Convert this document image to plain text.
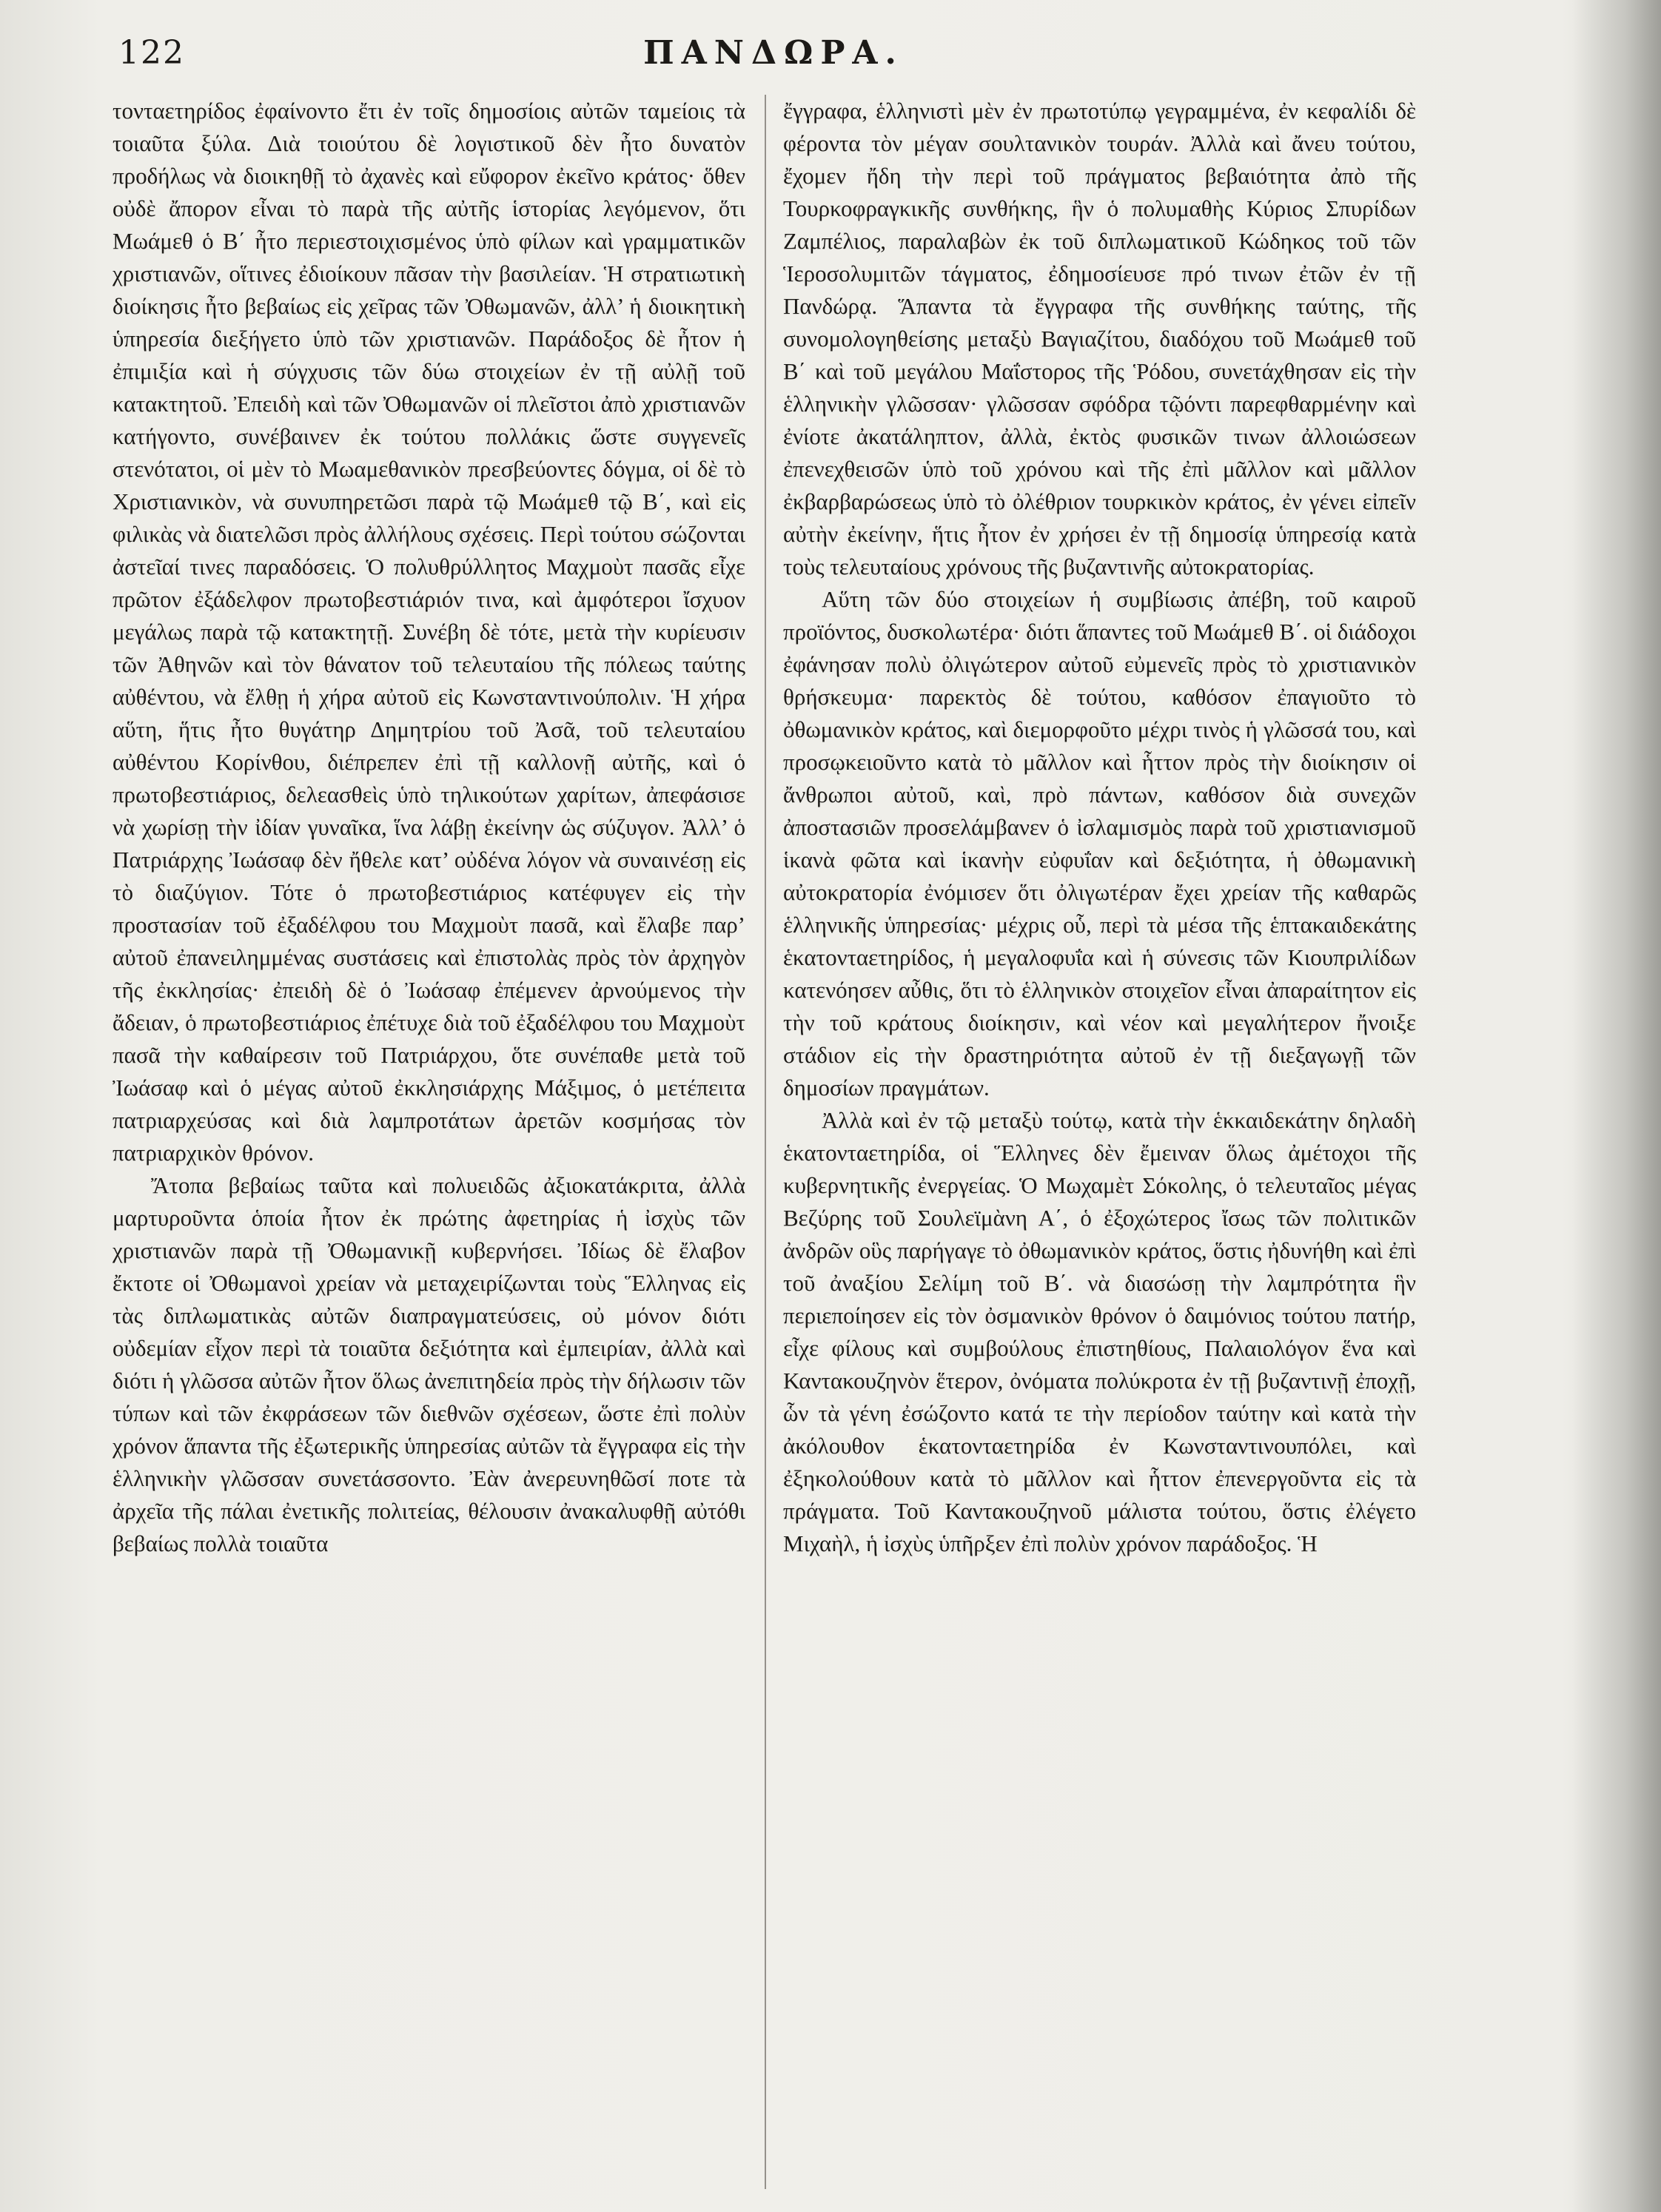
122	ΠΑΝΔΩΡΑ.

τονταετηρίδος ἐφαίνοντο ἔτι ἐν τοῖς δημοσίοις αὐτῶν ταμείοις τὰ τοιαῦτα ξύλα. Διὰ τοιούτου δὲ λογιστικοῦ δὲν ἦτο δυνατὸν προδήλως νὰ διοικηθῇ τὸ ἀχανὲς καὶ εὔφορον ἐκεῖνο κράτος· ὅθεν οὐδὲ ἄπορον εἶναι τὸ παρὰ τῆς αὐτῆς ἱστορίας λεγόμενον, ὅτι Μωάμεθ ὁ Β΄ ἦτο περιεστοιχισμένος ὑπὸ φίλων καὶ γραμματικῶν χριστιανῶν, οἵτινες ἐδιοίκουν πᾶσαν τὴν βασιλείαν. Ἡ στρατιωτικὴ διοίκησις ἦτο βεβαίως εἰς χεῖρας τῶν Ὀθωμανῶν, ἀλλ’ ἡ διοικητικὴ ὑπηρεσία διεξήγετο ὑπὸ τῶν χριστιανῶν. Παράδοξος δὲ ἦτον ἡ ἐπιμιξία καὶ ἡ σύγχυσις τῶν δύω στοιχείων ἐν τῇ αὐλῇ τοῦ κατακτητοῦ. Ἐπειδὴ καὶ τῶν Ὀθωμανῶν οἱ πλεῖστοι ἀπὸ χριστιανῶν κατήγοντο, συνέβαινεν ἐκ τούτου πολλάκις ὥστε συγγενεῖς στενότατοι, οἱ μὲν τὸ Μωαμεθανικὸν πρεσβεύοντες δόγμα, οἱ δὲ τὸ Χριστιανικὸν, νὰ συνυπηρετῶσι παρὰ τῷ Μωάμεθ τῷ Β΄, καὶ εἰς φιλικὰς νὰ διατελῶσι πρὸς ἀλλήλους σχέσεις. Περὶ τούτου σώζονται ἀστεῖαί τινες παραδόσεις. Ὁ πολυθρύλλητος Μαχμοὺτ πασᾶς εἶχε πρῶτον ἐξάδελφον πρωτοβεστιάριόν τινα, καὶ ἀμφότεροι ἴσχυον μεγάλως παρὰ τῷ κατακτητῇ. Συνέβη δὲ τότε, μετὰ τὴν κυρίευσιν τῶν Ἀθηνῶν καὶ τὸν θάνατον τοῦ τελευταίου τῆς πόλεως ταύτης αὐθέντου, νὰ ἔλθῃ ἡ χήρα αὐτοῦ εἰς Κωνσταντινούπολιν. Ἡ χήρα αὕτη, ἥτις ἦτο θυγάτηρ Δημητρίου τοῦ Ἀσᾶ, τοῦ τελευταίου αὐθέντου Κορίνθου, διέπρεπεν ἐπὶ τῇ καλλονῇ αὐτῆς, καὶ ὁ πρωτοβεστιάριος, δελεασθεὶς ὑπὸ τηλικούτων χαρίτων, ἀπεφάσισε νὰ χωρίσῃ τὴν ἰδίαν γυναῖκα, ἵνα λάβῃ ἐκείνην ὡς σύζυγον. Ἀλλ’ ὁ Πατριάρχης Ἰωάσαφ δὲν ἤθελε κατ’ οὐδένα λόγον νὰ συναινέσῃ εἰς τὸ διαζύγιον. Τότε ὁ πρωτοβεστιάριος κατέφυγεν εἰς τὴν προστασίαν τοῦ ἐξαδέλφου του Μαχμοὺτ πασᾶ, καὶ ἔλαβε παρ’ αὐτοῦ ἐπανειλημμένας συστάσεις καὶ ἐπιστολὰς πρὸς τὸν ἀρχηγὸν τῆς ἐκκλησίας· ἐπειδὴ δὲ ὁ Ἰωάσαφ ἐπέμενεν ἀρνούμενος τὴν ἄδειαν, ὁ πρωτοβεστιάριος ἐπέτυχε διὰ τοῦ ἐξαδέλφου του Μαχμοὺτ πασᾶ τὴν καθαίρεσιν τοῦ Πατριάρχου, ὅτε συνέπαθε μετὰ τοῦ Ἰωάσαφ καὶ ὁ μέγας αὐτοῦ ἐκκλησιάρχης Μάξιμος, ὁ μετέπειτα πατριαρχεύσας καὶ διὰ λαμπροτάτων ἀρετῶν κοσμήσας τὸν πατριαρχικὸν θρόνον.

Ἄτοπα βεβαίως ταῦτα καὶ πολυειδῶς ἀξιοκατάκριτα, ἀλλὰ μαρτυροῦντα ὁποία ἦτον ἐκ πρώτης ἀφετηρίας ἡ ἰσχὺς τῶν χριστιανῶν παρὰ τῇ Ὀθωμανικῇ κυβερνήσει. Ἰδίως δὲ ἔλαβον ἔκτοτε οἱ Ὀθωμανοὶ χρείαν νὰ μεταχειρίζωνται τοὺς Ἕλληνας εἰς τὰς διπλωματικὰς αὐτῶν διαπραγματεύσεις, οὐ μόνον διότι οὐδεμίαν εἶχον περὶ τὰ τοιαῦτα δεξιότητα καὶ ἐμπειρίαν, ἀλλὰ καὶ διότι ἡ γλῶσσα αὐτῶν ἦτον ὅλως ἀνεπιτηδεία πρὸς τὴν δήλωσιν τῶν τύπων καὶ τῶν ἐκφράσεων τῶν διεθνῶν σχέσεων, ὥστε ἐπὶ πολὺν χρόνον ἅπαντα τῆς ἐξωτερικῆς ὑπηρεσίας αὐτῶν τὰ ἔγγραφα εἰς τὴν ἑλληνικὴν γλῶσσαν συνετάσσοντο. Ἐὰν ἀνερευνηθῶσί ποτε τὰ ἀρχεῖα τῆς πάλαι ἐνετικῆς πολιτείας, θέλουσιν ἀνακαλυφθῇ αὐτόθι βεβαίως πολλὰ τοιαῦτα

ἔγγραφα, ἑλληνιστὶ μὲν ἐν πρωτοτύπῳ γεγραμμένα, ἐν κεφαλίδι δὲ φέροντα τὸν μέγαν σουλτανικὸν τουράν. Ἀλλὰ καὶ ἄνευ τούτου, ἔχομεν ἤδη τὴν περὶ τοῦ πράγματος βεβαιότητα ἀπὸ τῆς Τουρκοφραγκικῆς συνθήκης, ἣν ὁ πολυμαθὴς Κύριος Σπυρίδων Ζαμπέλιος, παραλαβὼν ἐκ τοῦ διπλωματικοῦ Κώδηκος τοῦ τῶν Ἱεροσολυμιτῶν τάγματος, ἐδημοσίευσε πρό τινων ἐτῶν ἐν τῇ Πανδώρᾳ. Ἅπαντα τὰ ἔγγραφα τῆς συνθήκης ταύτης, τῆς συνομολογηθείσης μεταξὺ Βαγιαζίτου, διαδόχου τοῦ Μωάμεθ τοῦ Β΄ καὶ τοῦ μεγάλου Μαΐστορος τῆς Ῥόδου, συνετάχθησαν εἰς τὴν ἑλληνικὴν γλῶσσαν· γλῶσσαν σφόδρα τῷόντι παρεφθαρμένην καὶ ἐνίοτε ἀκατάληπτον, ἀλλὰ, ἐκτὸς φυσικῶν τινων ἀλλοιώσεων ἐπενεχθεισῶν ὑπὸ τοῦ χρόνου καὶ τῆς ἐπὶ μᾶλλον καὶ μᾶλλον ἐκβαρβαρώσεως ὑπὸ τὸ ὀλέθριον τουρκικὸν κράτος, ἐν γένει εἰπεῖν αὐτὴν ἐκείνην, ἥτις ἦτον ἐν χρήσει ἐν τῇ δημοσίᾳ ὑπηρεσίᾳ κατὰ τοὺς τελευταίους χρόνους τῆς βυζαντινῆς αὐτοκρατορίας.

Αὕτη τῶν δύο στοιχείων ἡ συμβίωσις ἀπέβη, τοῦ καιροῦ προϊόντος, δυσκολωτέρα· διότι ἅπαντες τοῦ Μωάμεθ Β΄. οἱ διάδοχοι ἐφάνησαν πολὺ ὀλιγώτερον αὐτοῦ εὐμενεῖς πρὸς τὸ χριστιανικὸν θρήσκευμα· παρεκτὸς δὲ τούτου, καθόσον ἐπαγιοῦτο τὸ ὀθωμανικὸν κράτος, καὶ διεμορφοῦτο μέχρι τινὸς ἡ γλῶσσά του, καὶ προσῳκειοῦντο κατὰ τὸ μᾶλλον καὶ ἧττον πρὸς τὴν διοίκησιν οἱ ἄνθρωποι αὐτοῦ, καὶ, πρὸ πάντων, καθόσον διὰ συνεχῶν ἀποστασιῶν προσελάμβανεν ὁ ἰσλαμισμὸς παρὰ τοῦ χριστιανισμοῦ ἱκανὰ φῶτα καὶ ἱκανὴν εὐφυΐαν καὶ δεξιότητα, ἡ ὀθωμανικὴ αὐτοκρατορία ἐνόμισεν ὅτι ὀλιγωτέραν ἔχει χρείαν τῆς καθαρῶς ἑλληνικῆς ὑπηρεσίας· μέχρις οὗ, περὶ τὰ μέσα τῆς ἑπτακαιδεκάτης ἑκατονταετηρίδος, ἡ μεγαλοφυΐα καὶ ἡ σύνεσις τῶν Κιουπριλίδων κατενόησεν αὖθις, ὅτι τὸ ἑλληνικὸν στοιχεῖον εἶναι ἀπαραίτητον εἰς τὴν τοῦ κράτους διοίκησιν, καὶ νέον καὶ μεγαλήτερον ἤνοιξε στάδιον εἰς τὴν δραστηριότητα αὐτοῦ ἐν τῇ διεξαγωγῇ τῶν δημοσίων πραγμάτων.

Ἀλλὰ καὶ ἐν τῷ μεταξὺ τούτῳ, κατὰ τὴν ἑκκαιδεκάτην δηλαδὴ ἑκατονταετηρίδα, οἱ Ἕλληνες δὲν ἔμειναν ὅλως ἀμέτοχοι τῆς κυβερνητικῆς ἐνεργείας. Ὁ Μωχαμὲτ Σόκολης, ὁ τελευταῖος μέγας Βεζύρης τοῦ Σουλεϊμὰνη Α΄, ὁ ἐξοχώτερος ἴσως τῶν πολιτικῶν ἀνδρῶν οὓς παρήγαγε τὸ ὀθωμανικὸν κράτος, ὅστις ἠδυνήθη καὶ ἐπὶ τοῦ ἀναξίου Σελίμη τοῦ Β΄. νὰ διασώσῃ τὴν λαμπρότητα ἣν περιεποίησεν εἰς τὸν ὀσμανικὸν θρόνον ὁ δαιμόνιος τούτου πατήρ, εἶχε φίλους καὶ συμβούλους ἐπιστηθίους, Παλαιολόγον ἕνα καὶ Καντακουζηνὸν ἕτερον, ὀνόματα πολύκροτα ἐν τῇ βυζαντινῇ ἐποχῇ, ὧν τὰ γένη ἐσώζοντο κατά τε τὴν περίοδον ταύτην καὶ κατὰ τὴν ἀκόλουθον ἑκατονταετηρίδα ἐν Κωνσταντινουπόλει, καὶ ἐξηκολούθουν κατὰ τὸ μᾶλλον καὶ ἧττον ἐπενεργοῦντα εἰς τὰ πράγματα. Τοῦ Καντακουζηνοῦ μάλιστα τούτου, ὅστις ἐλέγετο Μιχαὴλ, ἡ ἰσχὺς ὑπῆρξεν ἐπὶ πολὺν χρόνον παράδοξος. Ἡ
